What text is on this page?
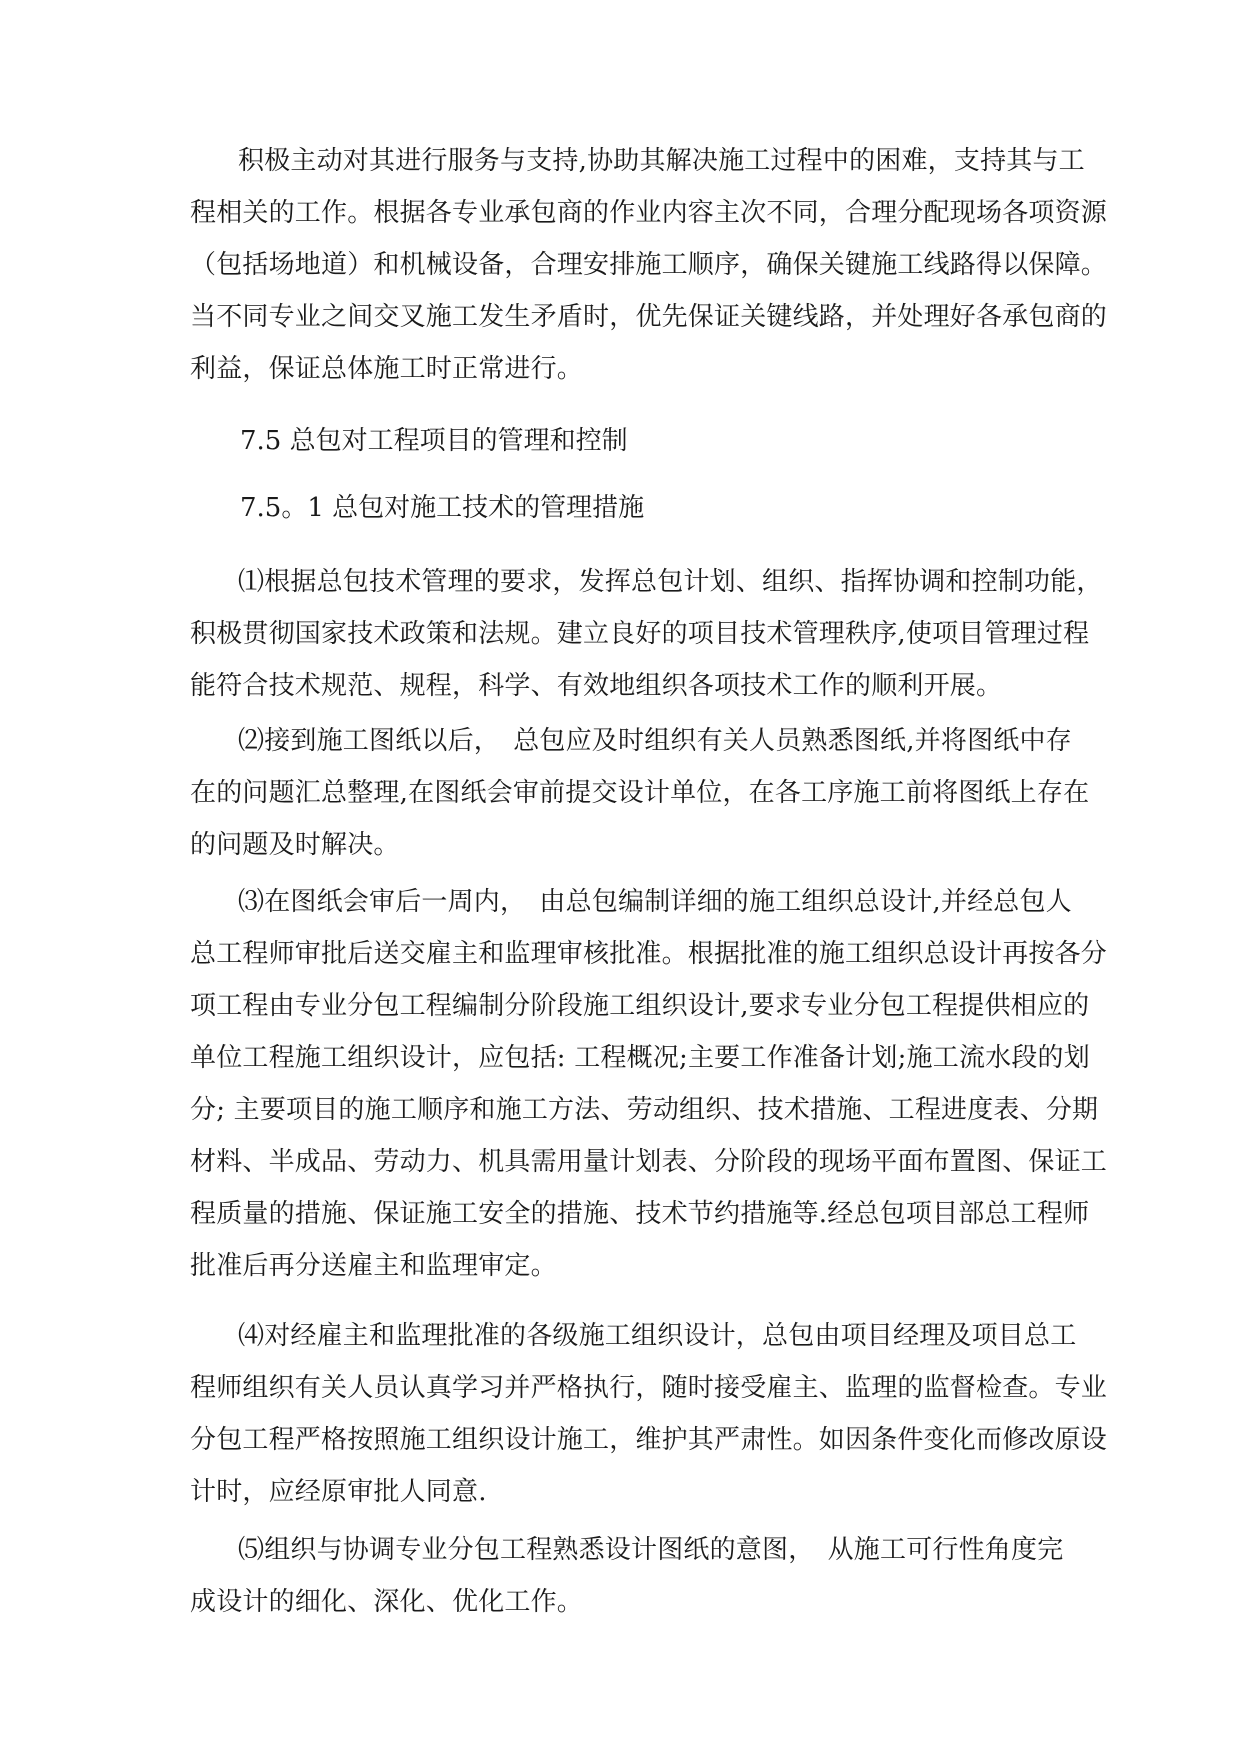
积极主动对其进行服务与支持,协助其解决施工过程中的困难，支持其与工
程相关的工作。根据各专业承包商的作业内容主次不同，合理分配现场各项资源
（包括场地道）和机械设备，合理安排施工顺序，确保关键施工线路得以保障。
当不同专业之间交叉施工发生矛盾时，优先保证关键线路，并处理好各承包商的
利益，保证总体施工时正常进行。
7.5 总包对工程项目的管理和控制
7.5。1 总包对施工技术的管理措施
⑴根据总包技术管理的要求，发挥总包计划、组织、指挥协调和控制功能，
积极贯彻国家技术政策和法规。建立良好的项目技术管理秩序,使项目管理过程
能符合技术规范、规程，科学、有效地组织各项技术工作的顺利开展。
⑵接到施工图纸以后，　总包应及时组织有关人员熟悉图纸,并将图纸中存
在的问题汇总整理,在图纸会审前提交设计单位，在各工序施工前将图纸上存在
的问题及时解决。
⑶在图纸会审后一周内，　由总包编制详细的施工组织总设计,并经总包人
总工程师审批后送交雇主和监理审核批准。根据批准的施工组织总设计再按各分
项工程由专业分包工程编制分阶段施工组织设计,要求专业分包工程提供相应的
单位工程施工组织设计，应包括: 工程概况;主要工作准备计划;施工流水段的划
分; 主要项目的施工顺序和施工方法、劳动组织、技术措施、工程进度表、分期
材料、半成品、劳动力、机具需用量计划表、分阶段的现场平面布置图、保证工
程质量的措施、保证施工安全的措施、技术节约措施等.经总包项目部总工程师
批准后再分送雇主和监理审定。
⑷对经雇主和监理批准的各级施工组织设计，总包由项目经理及项目总工
程师组织有关人员认真学习并严格执行，随时接受雇主、监理的监督检查。专业
分包工程严格按照施工组织设计施工，维护其严肃性。如因条件变化而修改原设
计时，应经原审批人同意.
⑸组织与协调专业分包工程熟悉设计图纸的意图，　从施工可行性角度完
成设计的细化、深化、优化工作。
